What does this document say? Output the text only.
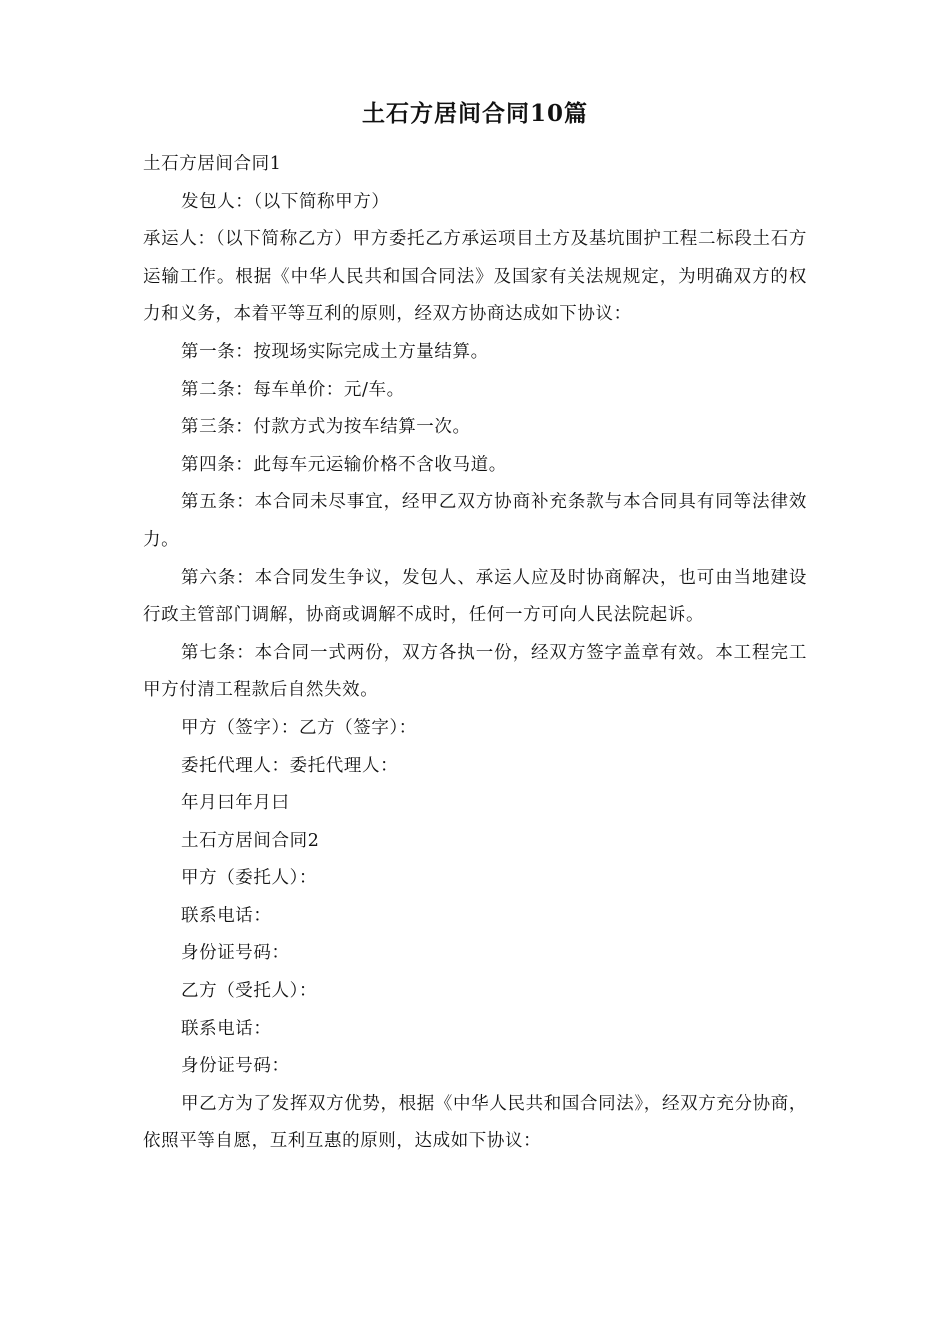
土石方居间合同10篇

土石方居间合同1

发包人：（以下简称甲方）

承运人：（以下简称乙方）甲方委托乙方承运项目土方及基坑围护工程二标段土石方运输工作。根据《中华人民共和国合同法》及国家有关法规规定，为明确双方的权力和义务，本着平等互利的原则，经双方协商达成如下协议：

第一条：按现场实际完成土方量结算。

第二条：每车单价：元/车。

第三条：付款方式为按车结算一次。

第四条：此每车元运输价格不含收马道。

第五条：本合同未尽事宜，经甲乙双方协商补充条款与本合同具有同等法律效力。

第六条：本合同发生争议，发包人、承运人应及时协商解决，也可由当地建设行政主管部门调解，协商或调解不成时，任何一方可向人民法院起诉。

第七条：本合同一式两份，双方各执一份，经双方签字盖章有效。本工程完工甲方付清工程款后自然失效。

甲方（签字）：乙方（签字）：

委托代理人：委托代理人：

年月曰年月曰

土石方居间合同2

甲方（委托人）：

联系电话：

身份证号码：

乙方（受托人）：

联系电话：

身份证号码：

甲乙方为了发挥双方优势，根据《中华人民共和国合同法》，经双方充分协商，依照平等自愿，互利互惠的原则，达成如下协议：
